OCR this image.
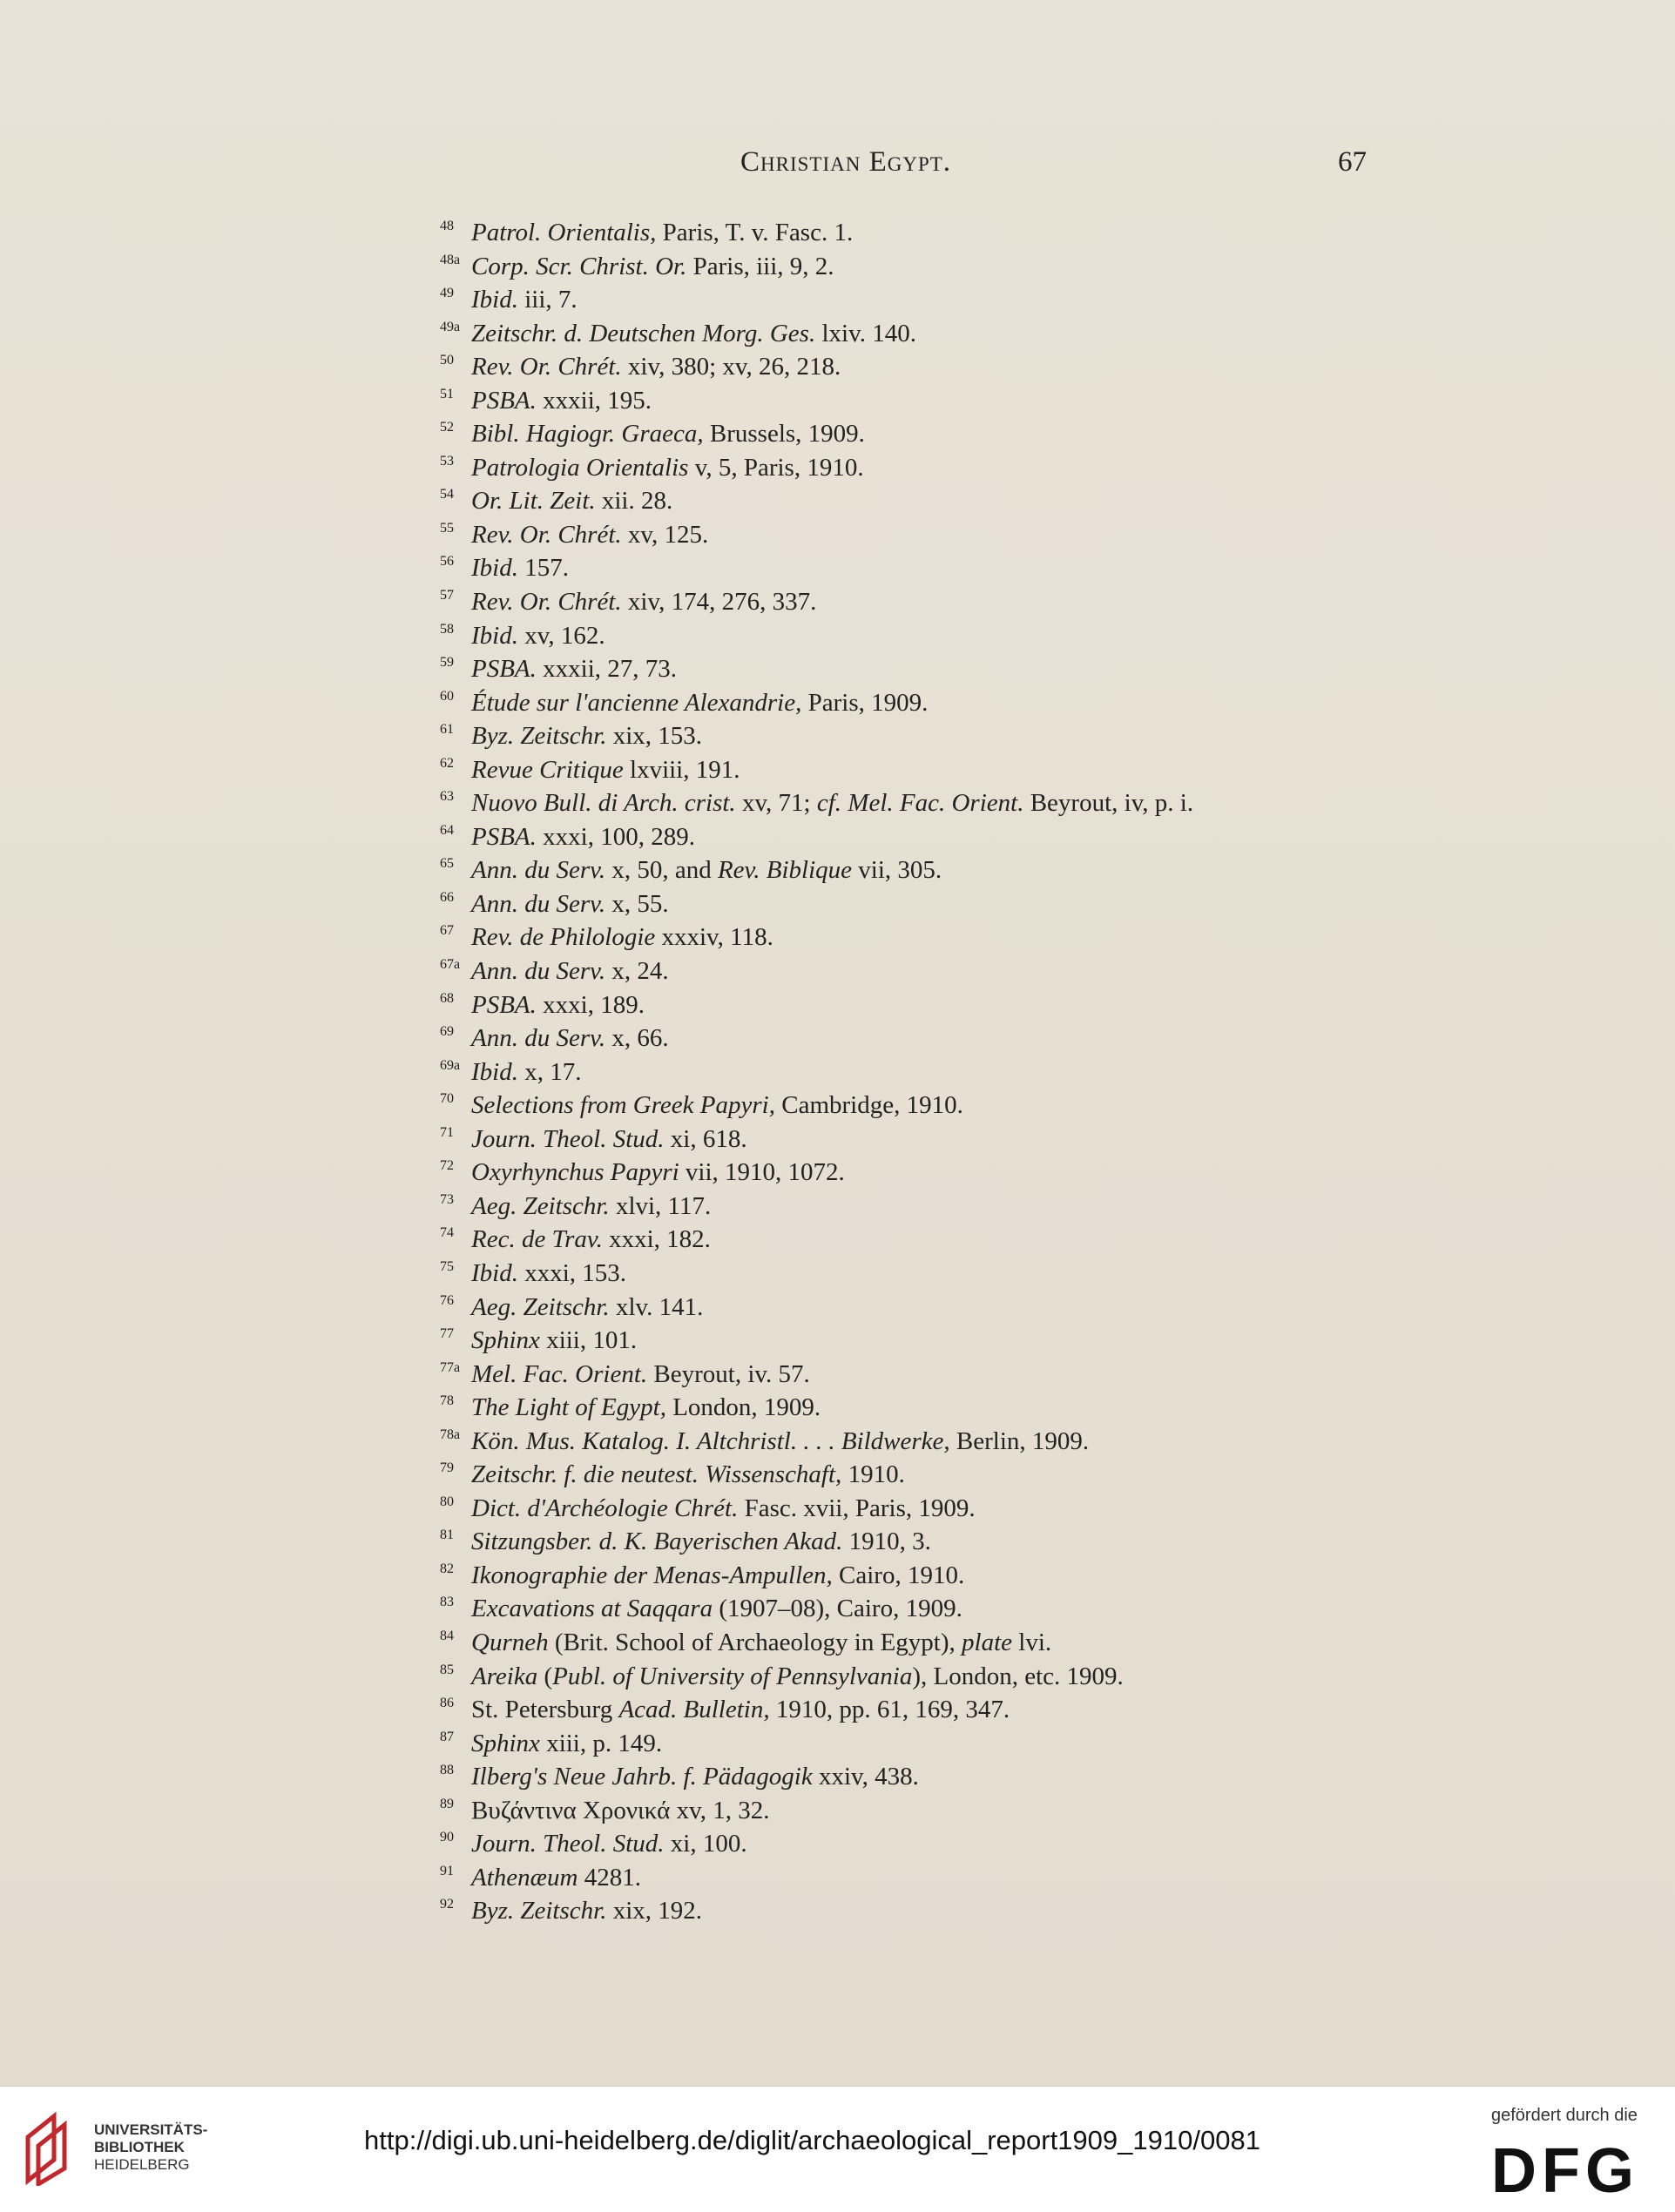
Christian Egypt.	67
$^{48}$ Patrol. Orientalis, Paris, T. v. Fasc. 1.
$^{48a}$ Corp. Scr. Christ. Or. Paris, iii, 9, 2.
$^{49}$ Ibid. iii, 7.
$^{49a}$ Zeitschr. d. Deutschen Morg. Ges. lxiv. 140.
$^{50}$ Rev. Or. Chrét. xiv, 380; xv, 26, 218.
$^{51}$ PSBA. xxxii, 195.
$^{52}$ Bibl. Hagiogr. Graeca, Brussels, 1909.
$^{53}$ Patrologia Orientalis v, 5, Paris, 1910.
$^{54}$ Or. Lit. Zeit. xii. 28.
$^{55}$ Rev. Or. Chrét. xv, 125.
$^{56}$ Ibid. 157.
$^{57}$ Rev. Or. Chrét. xiv, 174, 276, 337.
$^{58}$ Ibid. xv, 162.
$^{59}$ PSBA. xxxii, 27, 73.
$^{60}$ Étude sur l'ancienne Alexandrie, Paris, 1909.
$^{61}$ Byz. Zeitschr. xix, 153.
$^{62}$ Revue Critique lxviii, 191.
$^{63}$ Nuovo Bull. di Arch. crist. xv, 71; cf. Mel. Fac. Orient. Beyrout, iv, p. i.
$^{64}$ PSBA. xxxi, 100, 289.
$^{65}$ Ann. du Serv. x, 50, and Rev. Biblique vii, 305.
$^{66}$ Ann. du Serv. x, 55.
$^{67}$ Rev. de Philologie xxxiv, 118.
$^{67a}$ Ann. du Serv. x, 24.
$^{68}$ PSBA. xxxi, 189.
$^{69}$ Ann. du Serv. x, 66.
$^{69a}$ Ibid. x, 17.
$^{70}$ Selections from Greek Papyri, Cambridge, 1910.
$^{71}$ Journ. Theol. Stud. xi, 618.
$^{72}$ Oxyrhynchus Papyri vii, 1910, 1072.
$^{73}$ Aeg. Zeitschr. xlvi, 117.
$^{74}$ Rec. de Trav. xxxi, 182.
$^{75}$ Ibid. xxxi, 153.
$^{76}$ Aeg. Zeitschr. xlv. 141.
$^{77}$ Sphinx xiii, 101.
$^{77a}$ Mel. Fac. Orient. Beyrout, iv. 57.
$^{78}$ The Light of Egypt, London, 1909.
$^{78a}$ Kön. Mus. Katalog. I. Altchristl. . . . Bildwerke, Berlin, 1909.
$^{79}$ Zeitschr. f. die neutest. Wissenschaft, 1910.
$^{80}$ Dict. d'Archéologie Chrét. Fasc. xvii, Paris, 1909.
$^{81}$ Sitzungsber. d. K. Bayerischen Akad. 1910, 3.
$^{82}$ Ikonographie der Menas-Ampullen, Cairo, 1910.
$^{83}$ Excavations at Saqqara (1907–08), Cairo, 1909.
$^{84}$ Qurneh (Brit. School of Archaeology in Egypt), plate lvi.
$^{85}$ Areika (Publ. of University of Pennsylvania), London, etc. 1909.
$^{86}$ St. Petersburg Acad. Bulletin, 1910, pp. 61, 169, 347.
$^{87}$ Sphinx xiii, p. 149.
$^{88}$ Ilberg's Neue Jahrb. f. Pädagogik xxiv, 438.
$^{89}$ Βυζάντινα Χρονικά xv, 1, 32.
$^{90}$ Journ. Theol. Stud. xi, 100.
$^{91}$ Athenæum 4281.
$^{92}$ Byz. Zeitschr. xix, 192.
UNIVERSITÄTS-
BIBLIOTHEK
HEIDELBERG
http://digi.ub.uni-heidelberg.de/diglit/archaeological_report1909_1910/0081
gefördert durch die
DFG
